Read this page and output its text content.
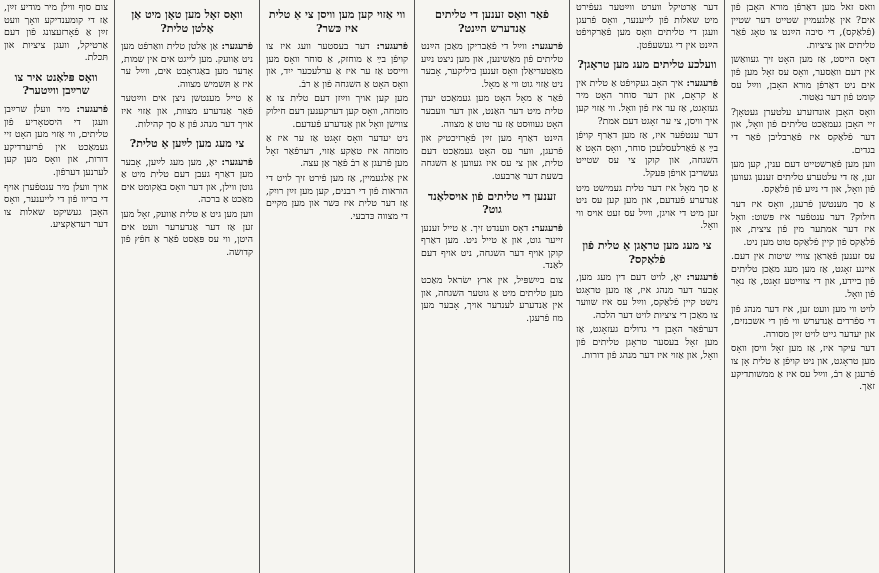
וואס זאל מען דאַרפֿן מורא האָבן פֿון אים? אין אַלגעמיין שטייט דער שטיין (פֿלאַקס), די סיבה הײַנט צו טאָג פֿאַר טליתים און ציציות.

דאָס הייסט, אַז מען האָט זיך געוואַשן אין דעם וואַסער, וואָס עס זאָל מען פֿון אים ניט דאַרפֿן מורא האָבן, ווײַל עס קומט פֿון דער נאַטור.

וואָס האָבן אונדזערע עלטערן געטאָן? זיי האָבן געמאַכט טליתים פֿון וואָל, און דער פֿלאַקס איז פֿאַרבליבן פֿאַר די בגדים.

ווען מען פֿאַרשטייט דעם ענין, קען מען זען, אַז די עלטערע טליתים זענען געווען פֿון וואָל, און די נײַע פֿון פֿלאַקס.

אַ סך מענטשן פֿרעגן, וואָס איז דער חילוק? דער ענטפֿער איז פּשוט: וואָל איז דער אמתער מין פֿון ציצית, און פֿלאַקס פֿון קיין פֿלאַקס טוט מען ניט.

עס זענען פֿאַראַן צוויי שיטות אין דעם. איינע זאָגט, אַז מען מעג מאַכן טליתים פֿון ביידע, און די צווייטע זאָגט, אַז נאָר פֿון וואָל.

לויט ווי מען וועט זען, איז דער מנהג פֿון די ספֿרדים אַנדערש ווי פֿון די אשכנזים, און יעדער גייט לויט זײַן מסורה.

דער עיקר איז, אַז מען זאָל וויסן וואָס מען טראָגט, און ניט קויפֿן אַ טלית אָן צו פֿרעגן אַ רבֿ, ווײַל עס איז אַ ממשותדיקע זאַך.

דער אַרטיקל ווערט ווײַטער געפֿירט מיט שאלות פֿון לייענער, וואָס פֿרעגן וועגן די טליתים וואָס מען פֿאַרקויפֿט הײַנט אין די געשעפֿטן.

וועלכע טליתים מעג מען טראָגן?

פֿרעגער: איך האָב געקויפֿט אַ טלית אין אַ קראָם, און דער סוחר האָט מיר געזאָגט, אַז ער איז פֿון וואָל. ווי אַזוי קען איך וויסן, צי ער זאָגט דעם אמת?

דער ענטפֿער איז, אַז מען דאַרף קויפֿן בײַ אַ פֿאַרלעסלעכן סוחר, וואָס האָט אַ השגחה, און קוקן צי עס שטייט געשריבן אויפֿן פּעקל.

אַ סך מאָל איז דער טלית געמישט מיט אַנדערע פֿעדעם, און מען קען עס ניט זען מיט די אויגן, ווײַל עס זעט אויס ווי וואָל.

צי מעג מען טראָגן אַ טלית פֿון פֿלאַקס?

פֿרעגער: יאָ, לויט דעם דין מעג מען, אָבער דער מנהג איז, אַז מען טראָגט נישט קיין פֿלאַקס, ווײַל עס איז שווער צו מאַכן די ציציות לויט דער הלכה.

דערפֿאַר האָבן די גדולים געזאָגט, אַז מען זאָל בעסער טראָגן טליתים פֿון וואָל, און אַזוי איז דער מנהג פֿון דורות.

פֿאַר וואָס זענען די טליתים אַנדערש הײַנט?

פֿרעגער: ווײַל די פֿאַבריקן מאַכן הײַנט טליתים פֿון מאַשינען, און מען ניצט נײַע מאַטעריאַלן וואָס זענען ביליקער, אָבער ניט אַזוי גוט ווי אַ מאָל.

פֿאַר אַ מאָל האָט מען געמאַכט יעדן טלית מיט דער האַנט, און דער וועבער האָט געוווּסט אַז ער טוט אַ מצווה.

הײַנט דאַרף מען זײַן פֿאָרזיכטיק און פֿרעגן, ווער עס האָט געמאַכט דעם טלית, און צי עס איז געווען אַ השגחה בשעת דער אַרבעט.

זענען די טליתים פֿון אויסלאַנד גוט?

פֿרעגער: דאָס ווענדט זיך. אַ טייל זענען זייער גוט, און אַ טייל ניט. מען דאַרף קוקן אויף דער השגחה, ניט אויף דעם לאַנד.

צום בײַשפּיל, אין ארץ ישׂראל מאַכט מען טליתים מיט אַ גוטער השגחה, און אין אַנדערע לענדער אויך, אָבער מען מוז פֿרעגן.

ווי אַזוי קען מען וויסן צי אַ טלית איז כּשר?

פֿרעגער: דער בעסטער וועג איז צו קויפֿן בײַ אַ מוחזק, אַ סוחר וואָס מען ווייסט אַז ער איז אַ ערלעכער ייִד, און וואָס האָט אַ השגחה פֿון אַ רבֿ.

מען קען אויך ווײַזן דעם טלית צו אַ מומחה, וואָס קען דערקענען דעם חילוק צווישן וואָל און אַנדערע פֿעדעם.

ניט יעדער וואָס זאָגט אַז ער איז אַ מומחה איז טאַקע אַזוי, דערפֿאַר זאָל מען פֿרעגן אַ רבֿ פֿאַר אַן עצה.

אין אַלגעמיין, אַז מען פֿירט זיך לויט די הוראות פֿון די רבנים, קען מען זײַן רויִק, אַז דער טלית איז כּשר און מען מקיים די מצווה כּדבעי.

וואָס זאָל מען טאָן מיט אַן אַלטן טלית?

פֿרעגער: אַן אַלטן טלית וואַרפֿט מען ניט אַוועק. מען לייגט אים אין שמות, אָדער מען באַגראָבט אים, ווײַל ער איז אַ תּשמיש מצווה.

אַ טייל מענטשן ניצן אים ווײַטער פֿאַר אַנדערע מצוות, און אַזוי איז אויך דער מנהג פֿון אַ סך קהילות.

צי מעג מען לײַען אַ טלית?

פֿרעגער: יאָ, מען מעג לײַען, אָבער מען דאַרף געבן דעם טלית מיט אַ גוטן ווילן, און דער וואָס באַקומט אים מאַכט אַ ברכה.

ווען מען גיט אַ טלית אַוועק, זאָל מען זען אַז דער אַנדערער וועט אים היטן, ווי עס פּאַסט פֿאַר אַ חפֿץ פֿון קדושה.

צום סוף ווילן מיר מודיע זײַן, אַז די קומענדיקע וואָך וועט זײַן אַ פֿאָרזעצונג פֿון דעם אַרטיקל, וועגן ציציות און תּכלת.

וואָס פּלאַנט איר צו שרײַבן ווײַטער?

פֿרעגער: מיר וועלן שרײַבן וועגן די היסטאָריע פֿון טליתים, ווי אַזוי מען האָט זיי געמאַכט אין פֿריִערדיקע דורות, און וואָס מען קען לערנען דערפֿון.

אויך וועלן מיר ענטפֿערן אויף די בריוו פֿון די לייענער, וואָס האָבן געשיקט שאלות צו דער רעדאַקציע.
